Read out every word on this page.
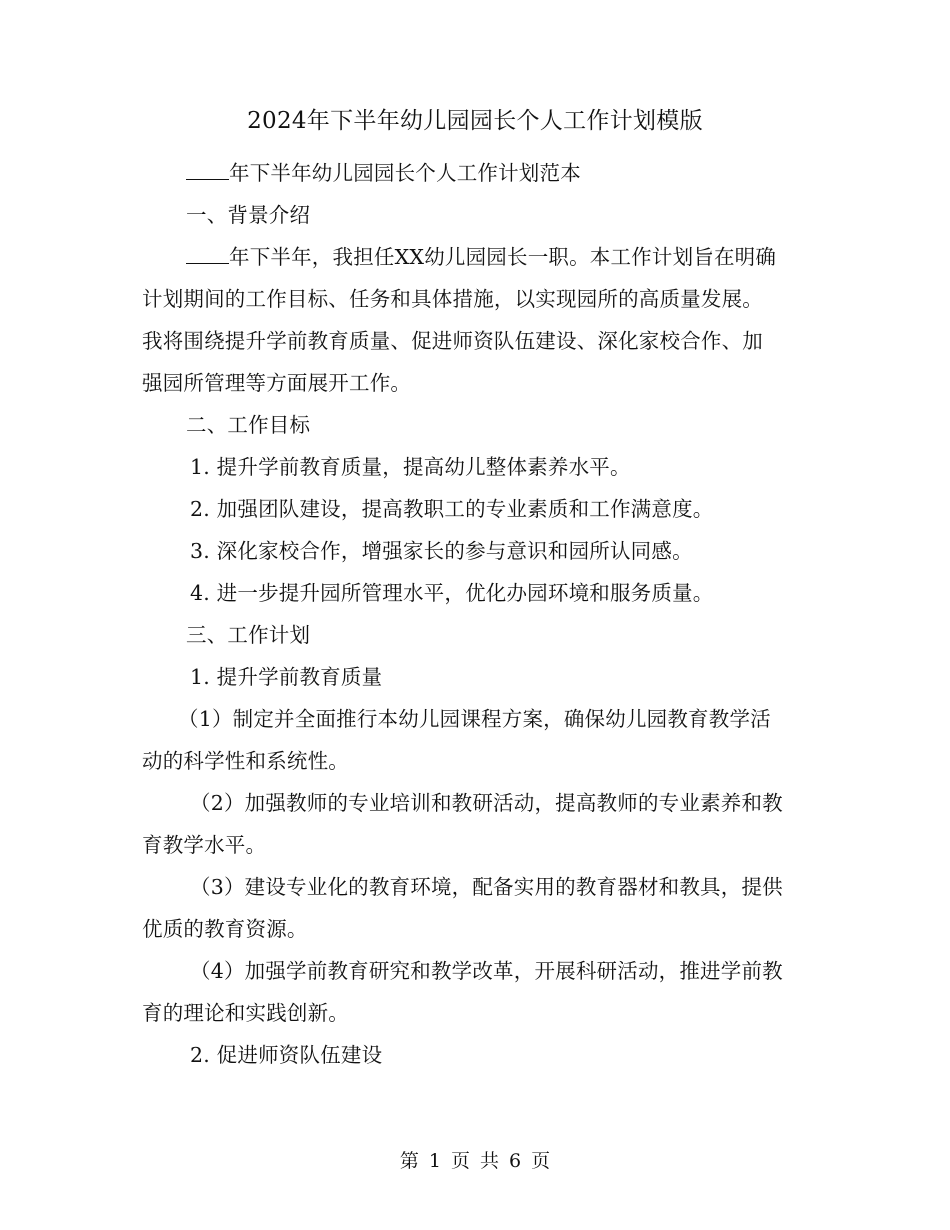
2024年下半年幼儿园园长个人工作计划模版

年下半年幼儿园园长个人工作计划范本

一、背景介绍

年下半年，我担任XX幼儿园园长一职。本工作计划旨在明确

计划期间的工作目标、任务和具体措施，以实现园所的高质量发展。

我将围绕提升学前教育质量、促进师资队伍建设、深化家校合作、加

强园所管理等方面展开工作。

二、工作目标

1. 提升学前教育质量，提高幼儿整体素养水平。

2. 加强团队建设，提高教职工的专业素质和工作满意度。

3. 深化家校合作，增强家长的参与意识和园所认同感。

4. 进一步提升园所管理水平，优化办园环境和服务质量。

三、工作计划

1. 提升学前教育质量

（1）制定并全面推行本幼儿园课程方案，确保幼儿园教育教学活

动的科学性和系统性。

（2）加强教师的专业培训和教研活动，提高教师的专业素养和教

育教学水平。

（3）建设专业化的教育环境，配备实用的教育器材和教具，提供

优质的教育资源。

（4）加强学前教育研究和教学改革，开展科研活动，推进学前教

育的理论和实践创新。

2. 促进师资队伍建设

第 1 页 共 6 页
